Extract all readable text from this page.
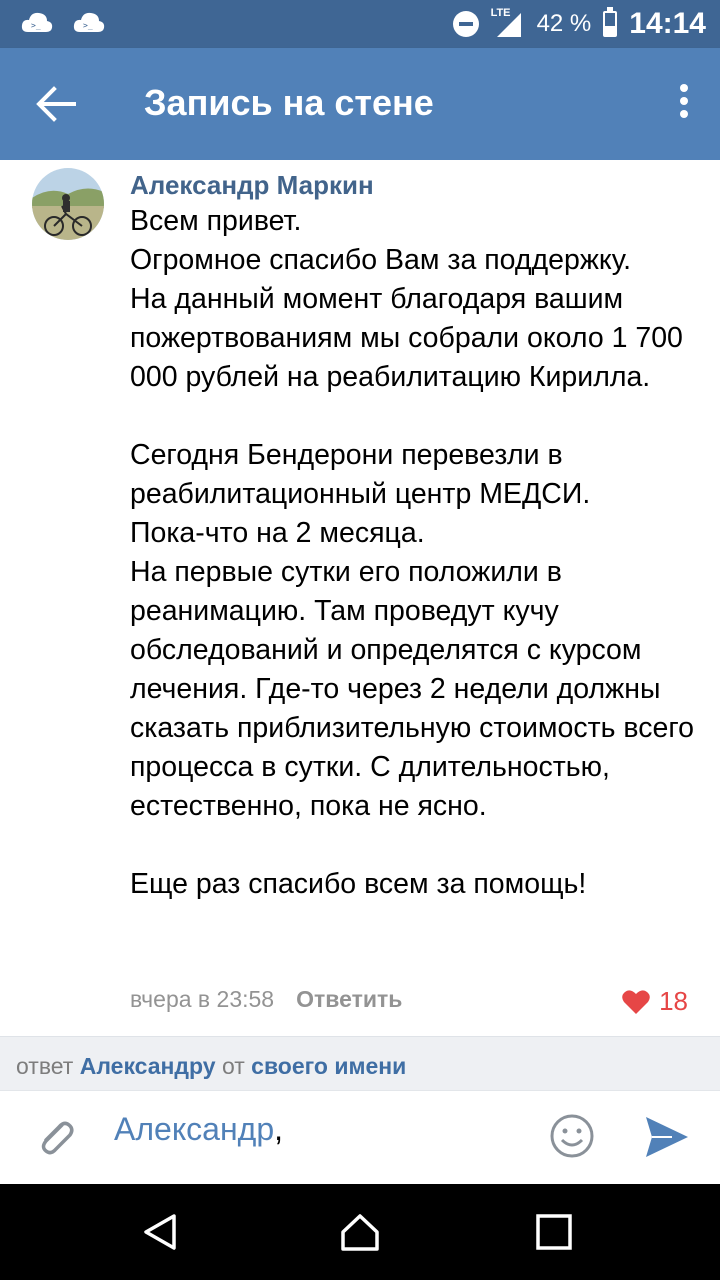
>_	>_
LTE 42 % 14:14
Запись на стене
Александр Маркин
Всем привет.
Огромное спасибо Вам за поддержку.
На данный момент благодаря вашим пожертвованиям мы собрали около 1 700 000 рублей на реабилитацию Кирилла.

Сегодня Бендерони перевезли в реабилитационный центр МЕДСИ.
Пока-что на 2 месяца.
На первые сутки его положили в реанимацию. Там проведут кучу обследований и определятся с курсом лечения. Где-то через 2 недели должны сказать приблизительную стоимость всего процесса в сутки. С длительностью, естественно, пока не ясно.

Еще раз спасибо всем за помощь!
вчера в 23:58 Ответить	18
ответ Александру от своего имени
Александр,
